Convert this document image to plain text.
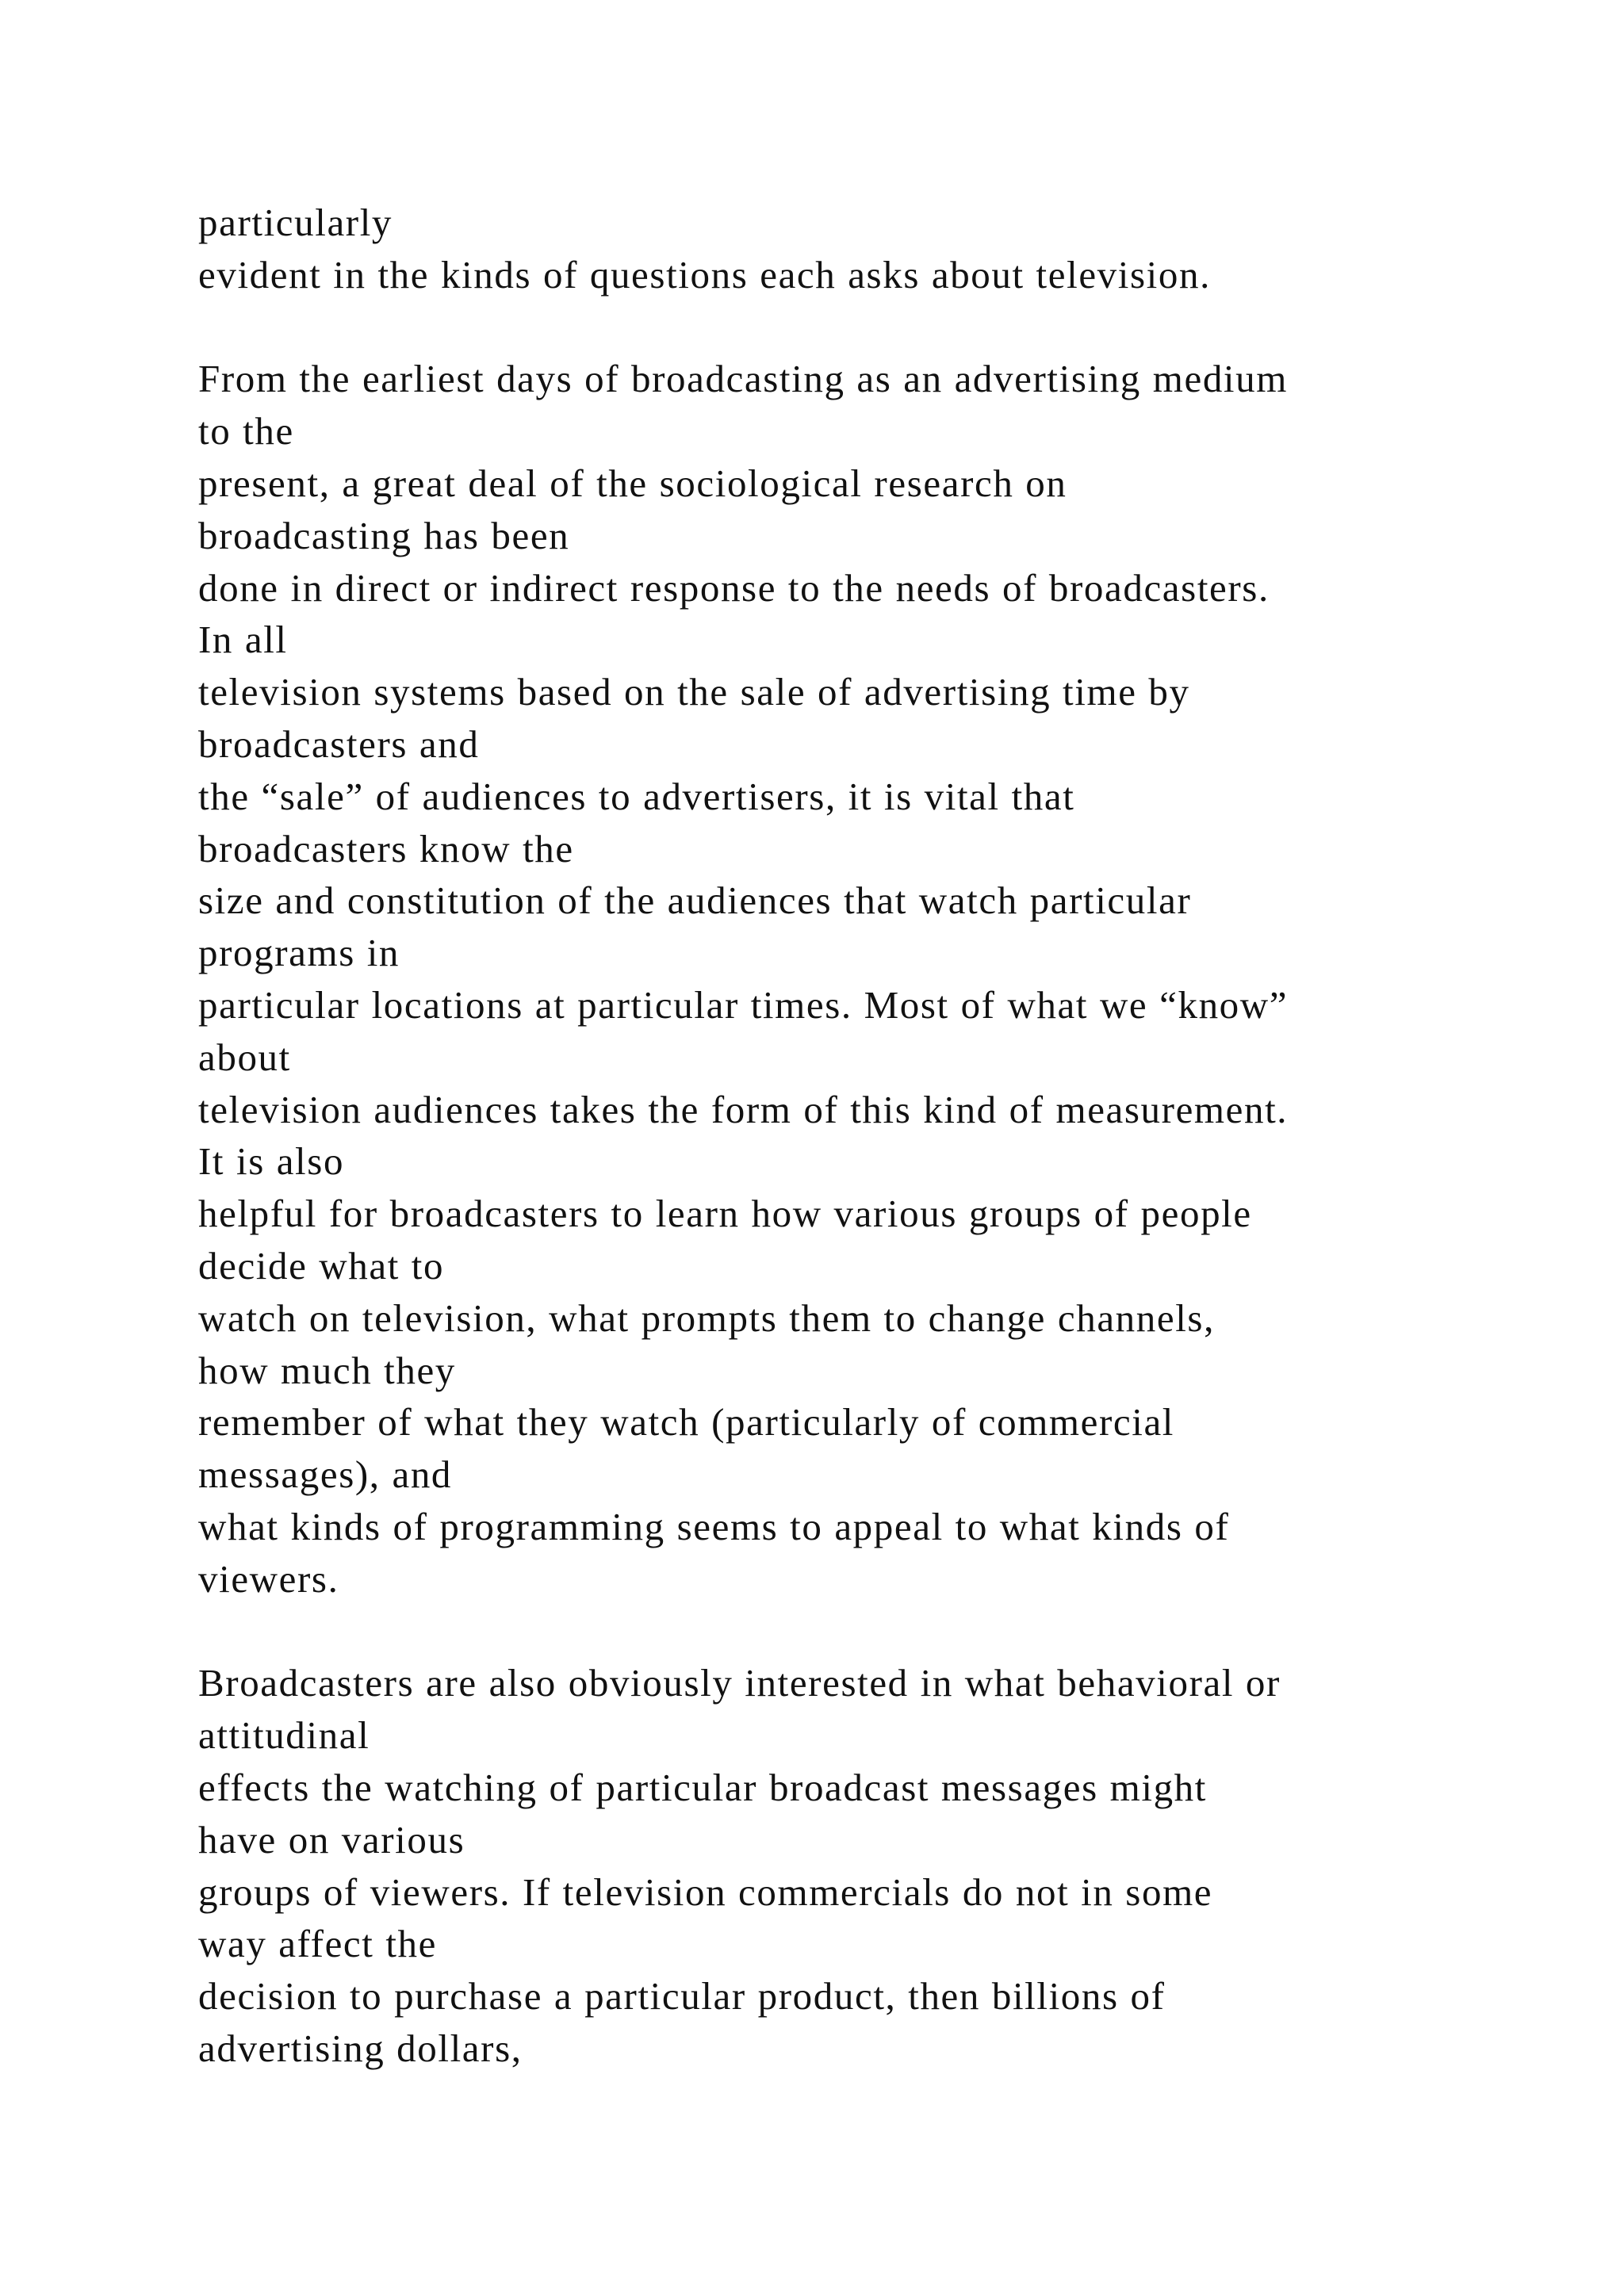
particularly
evident in the kinds of questions each asks about television.
From the earliest days of broadcasting as an advertising medium
to the
present, a great deal of the sociological research on
broadcasting has been
done in direct or indirect response to the needs of broadcasters.
In all
television systems based on the sale of advertising time by
broadcasters and
the “sale” of audiences to advertisers, it is vital that
broadcasters know the
size and constitution of the audiences that watch particular
programs in
particular locations at particular times. Most of what we “know”
about
television audiences takes the form of this kind of measurement.
It is also
helpful for broadcasters to learn how various groups of people
decide what to
watch on television, what prompts them to change channels,
how much they
remember of what they watch (particularly of commercial
messages), and
what kinds of programming seems to appeal to what kinds of
viewers.
Broadcasters are also obviously interested in what behavioral or
attitudinal
effects the watching of particular broadcast messages might
have on various
groups of viewers. If television commercials do not in some
way affect the
decision to purchase a particular product, then billions of
advertising dollars,
